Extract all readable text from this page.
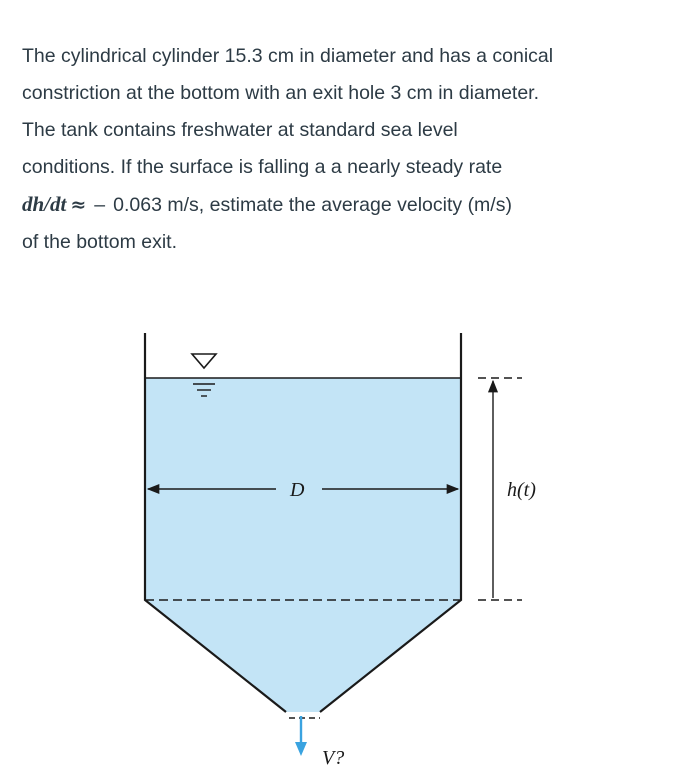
The cylindrical cylinder 15.3 cm in diameter and has a conical

constriction at the bottom with an exit hole 3 cm in diameter.

The tank contains freshwater at standard sea level

conditions. If the surface is falling a a nearly steady rate

dh/dt ≈ – 0.063 m/s, estimate the average velocity (m/s)

of the bottom exit.

D	h(t)
V?
